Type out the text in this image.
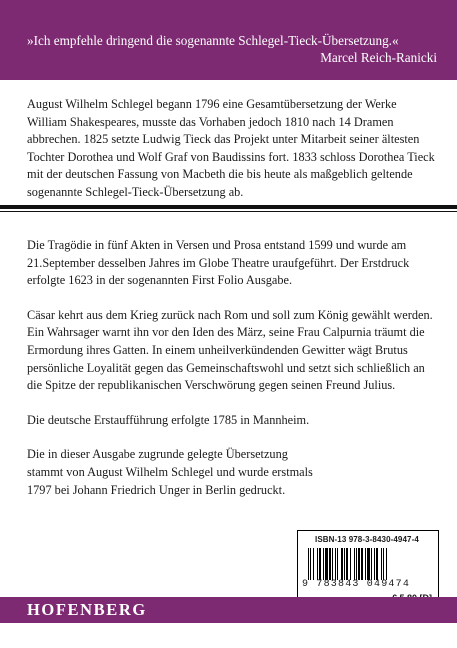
»Ich empfehle dringend die sogenannte Schlegel-Tieck-Übersetzung.«
Marcel Reich-Ranicki

August Wilhelm Schlegel begann 1796 eine Gesamtübersetzung der Werke William Shakespeares, musste das Vorhaben jedoch 1810 nach 14 Dramen abbrechen. 1825 setzte Ludwig Tieck das Projekt unter Mitarbeit seiner ältesten Tochter Dorothea und Wolf Graf von Baudissins fort. 1833 schloss Dorothea Tieck mit der deutschen Fassung von Macbeth die bis heute als maßgeblich geltende sogenannte Schlegel-Tieck-Übersetzung ab.

Die Tragödie in fünf Akten in Versen und Prosa entstand 1599 und wurde am 21.September desselben Jahres im Globe Theatre uraufgeführt. Der Erstdruck erfolgte 1623 in der sogenannten First Folio Ausgabe.

Cäsar kehrt aus dem Krieg zurück nach Rom und soll zum König gewählt werden. Ein Wahrsager warnt ihn vor den Iden des März, seine Frau Calpurnia träumt die Ermordung ihres Gatten. In einem unheilverkündenden Gewitter wägt Brutus persönliche Loyalität gegen das Gemeinschaftswohl und setzt sich schließlich an die Spitze der republikanischen Verschwörung gegen seinen Freund Julius.

Die deutsche Erstaufführung erfolgte 1785 in Mannheim.

Die in dieser Ausgabe zugrunde gelegte Übersetzung stammt von August Wilhelm Schlegel und wurde erstmals 1797 bei Johann Friedrich Unger in Berlin gedruckt.

ISBN-13 978-3-8430-4947-4
9 783843 049474
HOFENBERG
